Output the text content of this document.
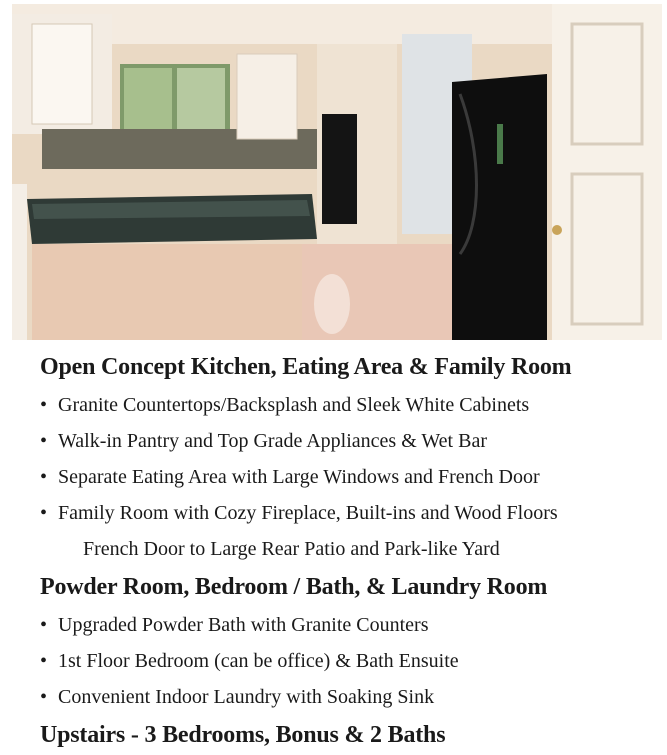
Open Concept Kitchen, Eating Area & Family Room
• Granite Countertops/Backsplash and Sleek White Cabinets
• Walk-in Pantry and Top Grade Appliances & Wet Bar
• Separate Eating Area with Large Windows and French Door
• Family Room with Cozy Fireplace, Built-ins and Wood Floors
French Door to Large Rear Patio and Park-like Yard
Powder Room, Bedroom / Bath, & Laundry Room
• Upgraded Powder Bath with Granite Counters
• 1st Floor Bedroom (can be office) & Bath Ensuite
• Convenient Indoor Laundry with Soaking Sink
Upstairs - 3 Bedrooms, Bonus & 2 Baths
